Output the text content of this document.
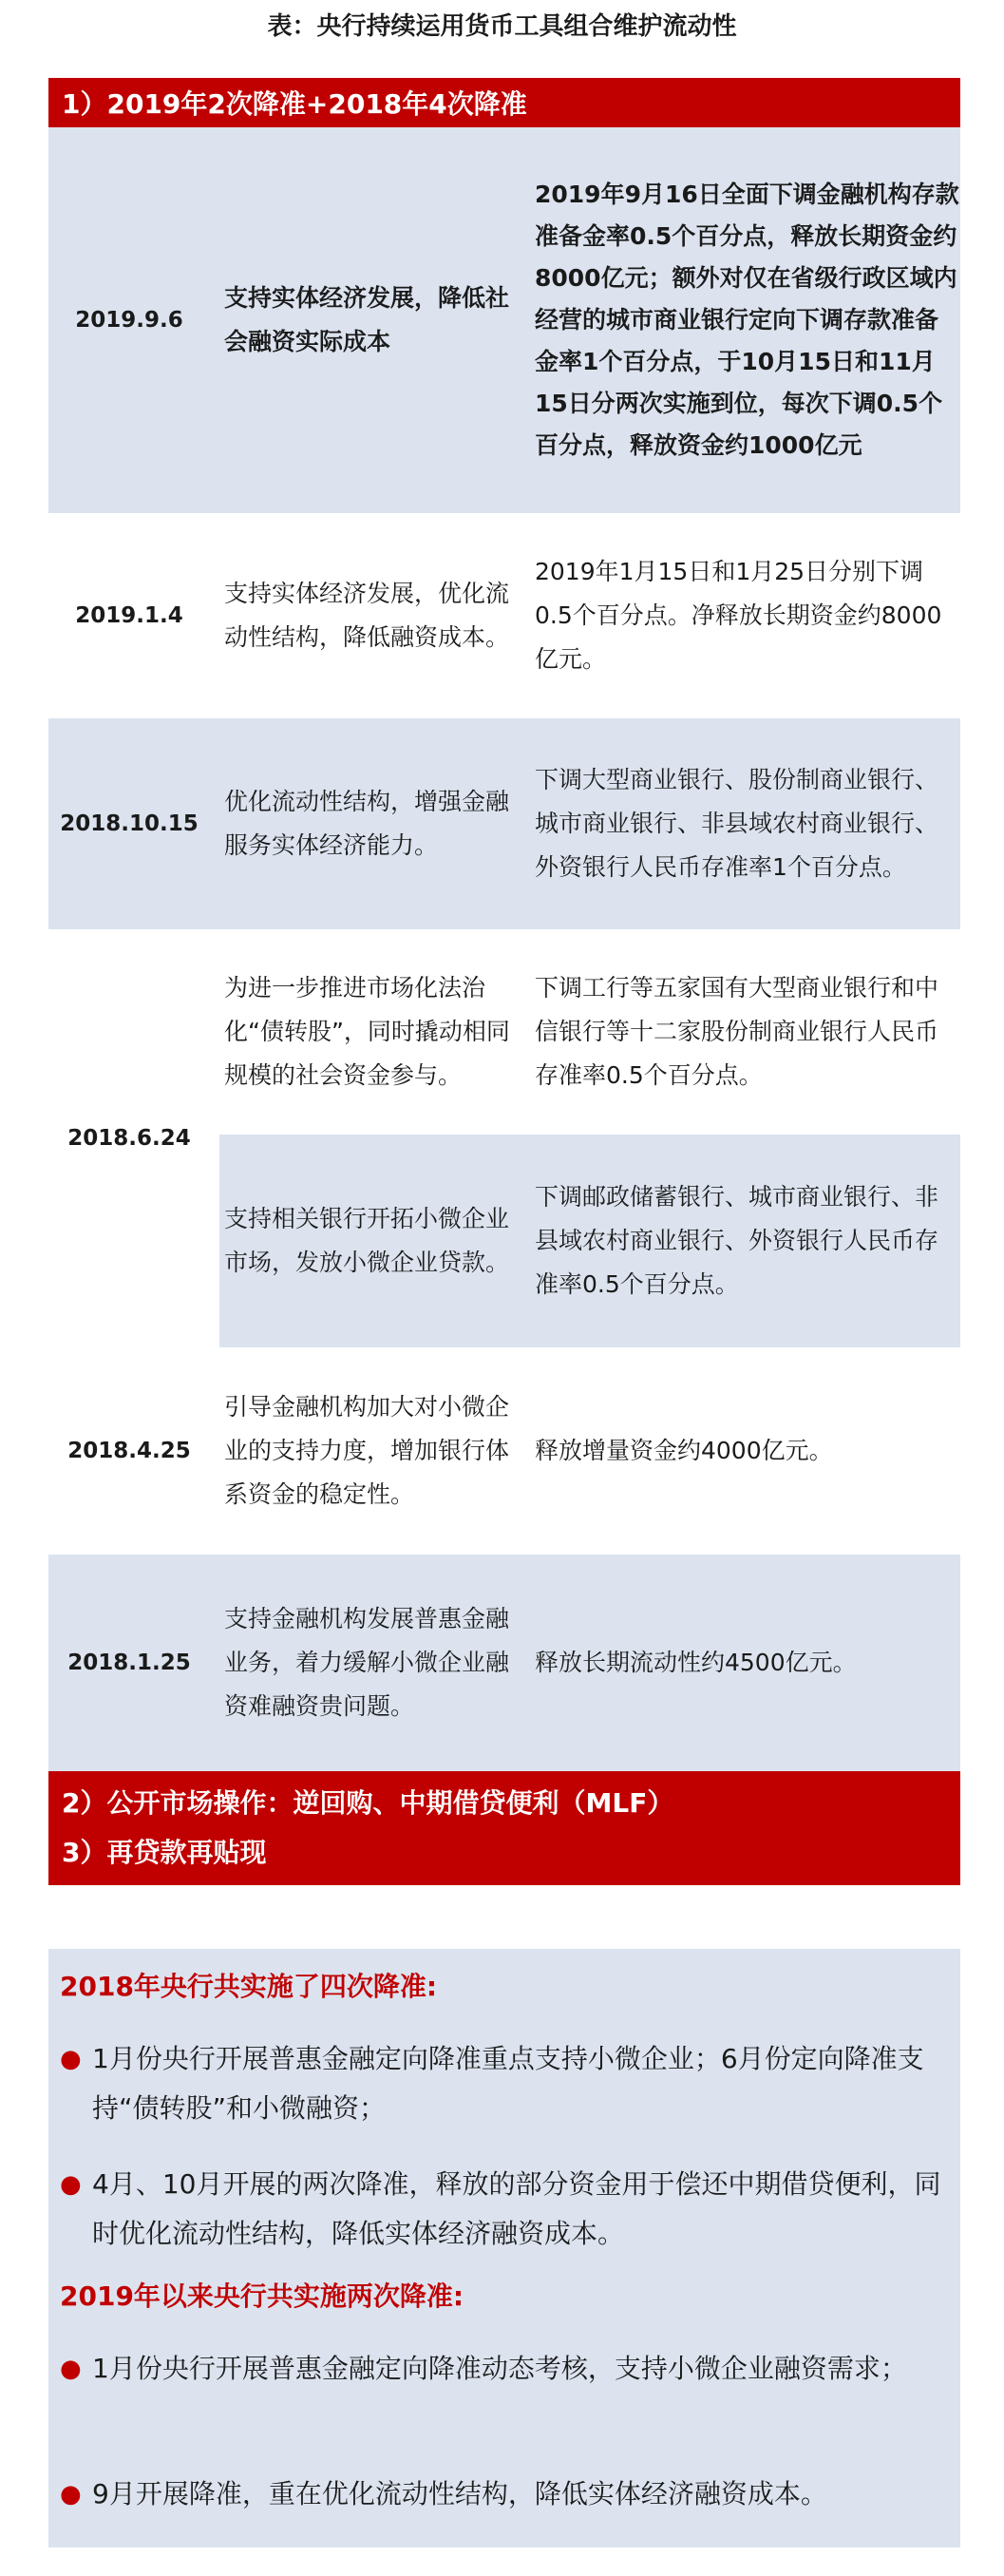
表：央行持续运用货币工具组合维护流动性
1）2019年2次降准+2018年4次降准
2019.9.6
支持实体经济发展，降低社会融资实际成本
2019年9月16日全面下调金融机构存款准备金率0.5个百分点，释放长期资金约8000亿元；额外对仅在省级行政区域内经营的城市商业银行定向下调存款准备金率1个百分点，于10月15日和11月15日分两次实施到位，每次下调0.5个百分点，释放资金约1000亿元
2019.1.4
支持实体经济发展，优化流动性结构，降低融资成本。
2019年1月15日和1月25日分别下调0.5个百分点。净释放长期资金约8000亿元。
2018.10.15
优化流动性结构，增强金融服务实体经济能力。
下调大型商业银行、股份制商业银行、城市商业银行、非县域农村商业银行、外资银行人民币存准率1个百分点。
2018.6.24
为进一步推进市场化法治化“债转股”，同时撬动相同规模的社会资金参与。
下调工行等五家国有大型商业银行和中信银行等十二家股份制商业银行人民币存准率0.5个百分点。
支持相关银行开拓小微企业市场，发放小微企业贷款。
下调邮政储蓄银行、城市商业银行、非县域农村商业银行、外资银行人民币存准率0.5个百分点。
2018.4.25
引导金融机构加大对小微企业的支持力度，增加银行体系资金的稳定性。
释放增量资金约4000亿元。
2018.1.25
支持金融机构发展普惠金融业务，着力缓解小微企业融资难融资贵问题。
释放长期流动性约4500亿元。
2）公开市场操作：逆回购、中期借贷便利（MLF）
3）再贷款再贴现
2018年央行共实施了四次降准:
● 1月份央行开展普惠金融定向降准重点支持小微企业；6月份定向降准支持“债转股”和小微融资；
● 4月、10月开展的两次降准，释放的部分资金用于偿还中期借贷便利，同时优化流动性结构，降低实体经济融资成本。
2019年以来央行共实施两次降准:
● 1月份央行开展普惠金融定向降准动态考核，支持小微企业融资需求；
● 9月开展降准，重在优化流动性结构，降低实体经济融资成本。
